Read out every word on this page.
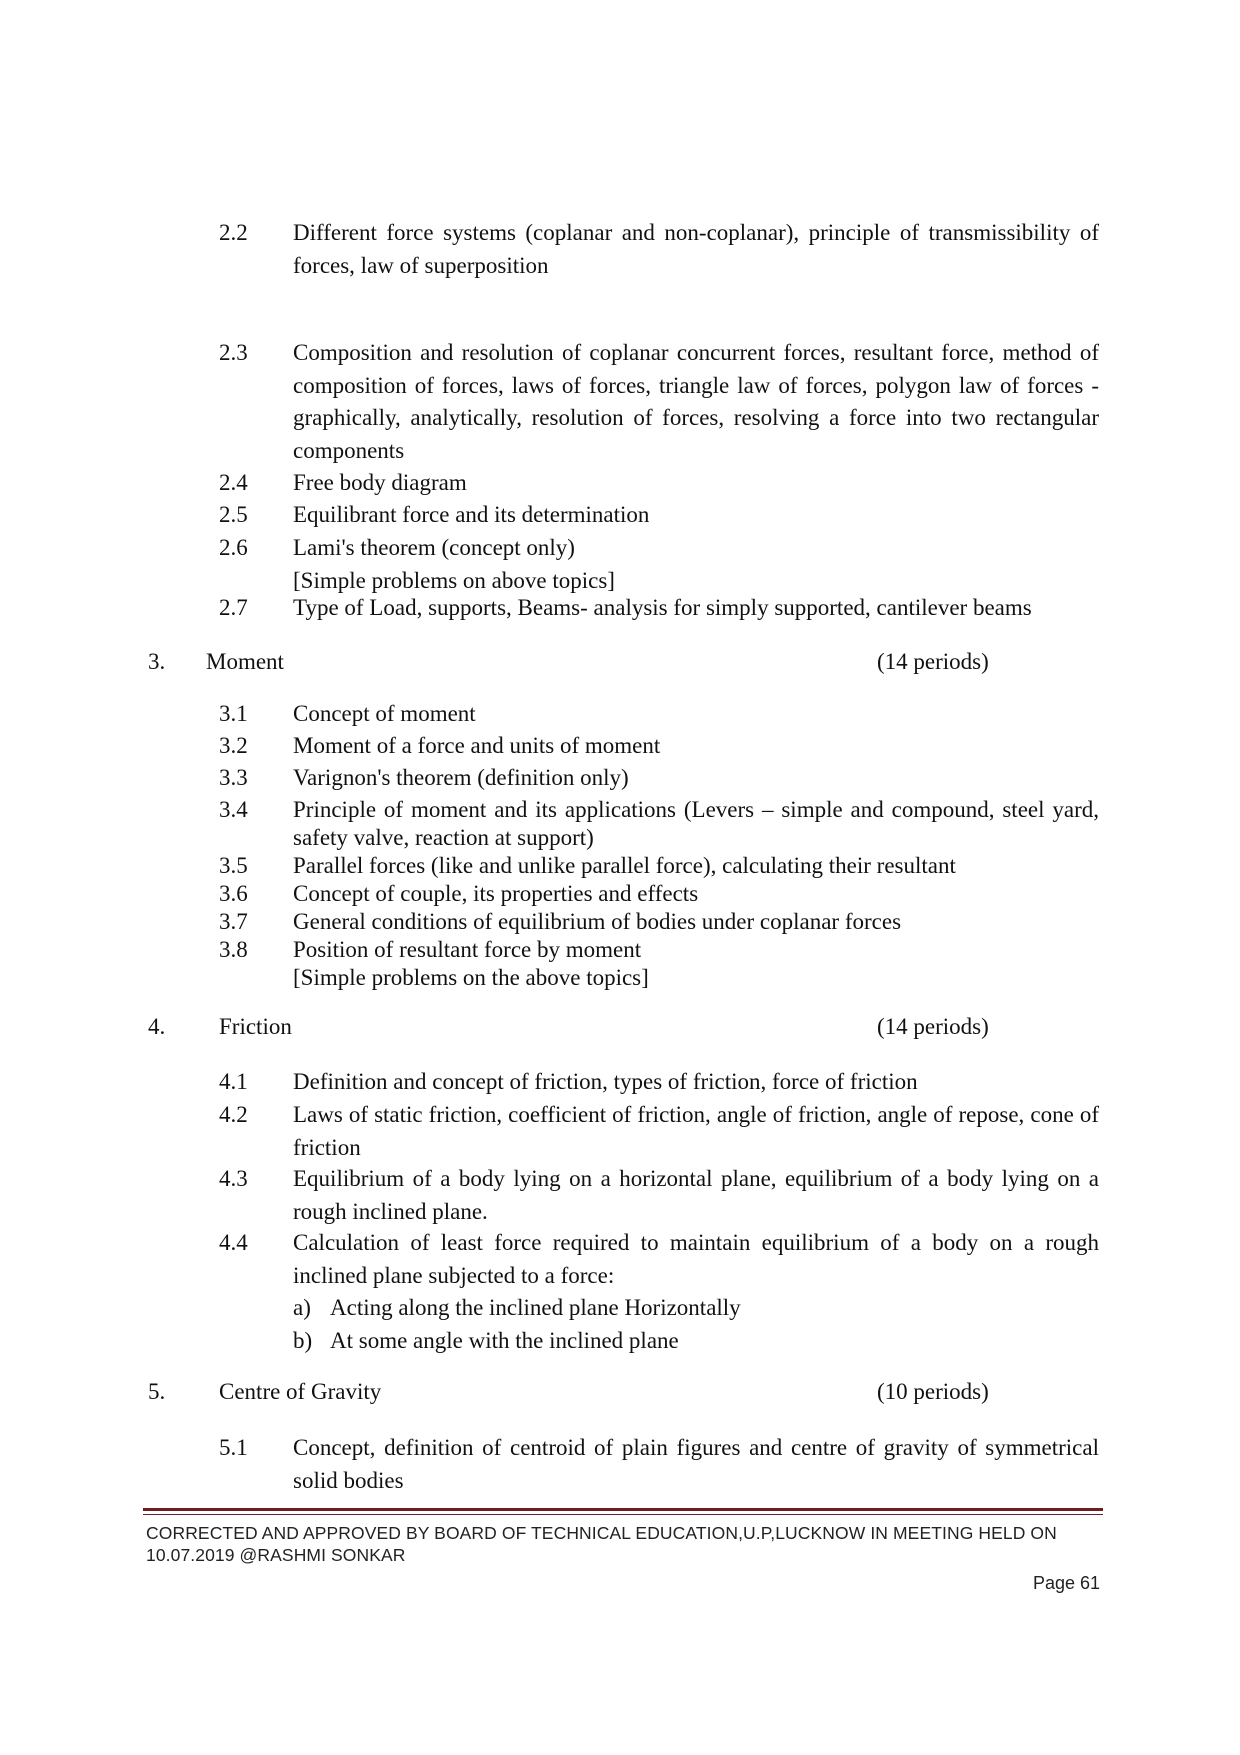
2.2	Different force systems (coplanar and non-coplanar), principle of transmissibility of forces, law of superposition
2.3	Composition and resolution of coplanar concurrent forces, resultant force, method of composition of forces, laws of forces, triangle law of forces, polygon law of forces - graphically, analytically, resolution of forces, resolving a force into two rectangular components
2.4	Free body diagram
2.5	Equilibrant force and its determination
2.6	Lami's theorem (concept only)
[Simple problems on above topics]
2.7	Type of Load, supports, Beams- analysis for simply supported, cantilever beams
3. Moment	(14 periods)
3.1	Concept of moment
3.2	Moment of a force and units of moment
3.3	Varignon's theorem (definition only)
3.4	Principle of moment and its applications (Levers – simple and compound, steel yard, safety valve, reaction at support)
3.5	Parallel forces (like and unlike parallel force), calculating their resultant
3.6	Concept of couple, its properties and effects
3.7	General conditions of equilibrium of bodies under coplanar forces
3.8	Position of resultant force by moment
[Simple problems on the above topics]
4. Friction	(14 periods)
4.1	Definition and concept of friction, types of friction, force of friction
4.2	Laws of static friction, coefficient of friction, angle of friction, angle of repose, cone of friction
4.3	Equilibrium of a body lying on a horizontal plane, equilibrium of a body lying on a rough inclined plane.
4.4	Calculation of least force required to maintain equilibrium of a body on a rough inclined plane subjected to a force:
a) Acting along the inclined plane Horizontally
b) At some angle with the inclined plane
5. Centre of Gravity	(10 periods)
5.1	Concept, definition of centroid of plain figures and centre of gravity of symmetrical solid bodies
CORRECTED AND APPROVED BY BOARD OF TECHNICAL EDUCATION,U.P,LUCKNOW IN MEETING HELD ON
10.07.2019 @RASHMI SONKAR
Page 61
